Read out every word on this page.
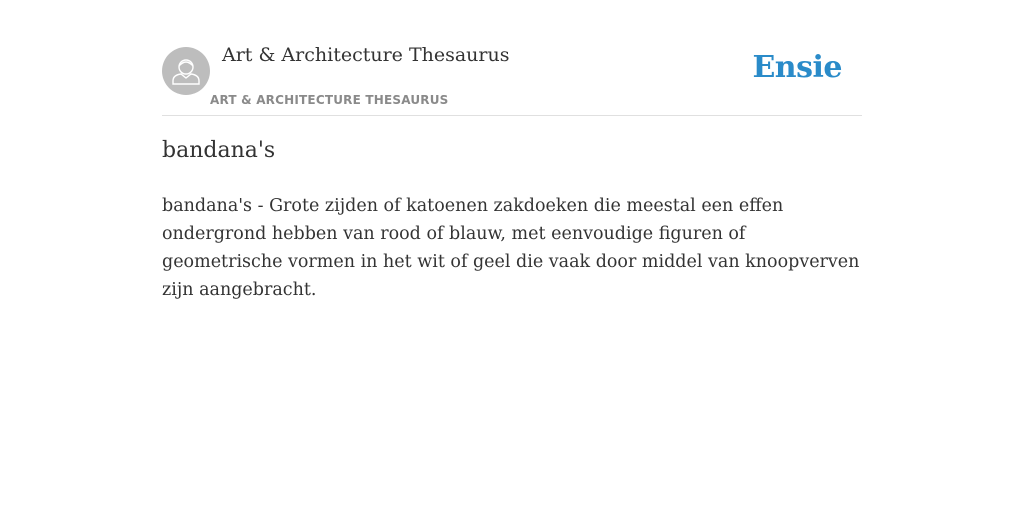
Art & Architecture Thesaurus
ART & ARCHITECTURE THESAURUS
Ensie
bandana's

bandana's - Grote zijden of katoenen zakdoeken die meestal een effen ondergrond hebben van rood of blauw, met eenvoudige figuren of geometrische vormen in het wit of geel die vaak door middel van knoopverven zijn aangebracht.
